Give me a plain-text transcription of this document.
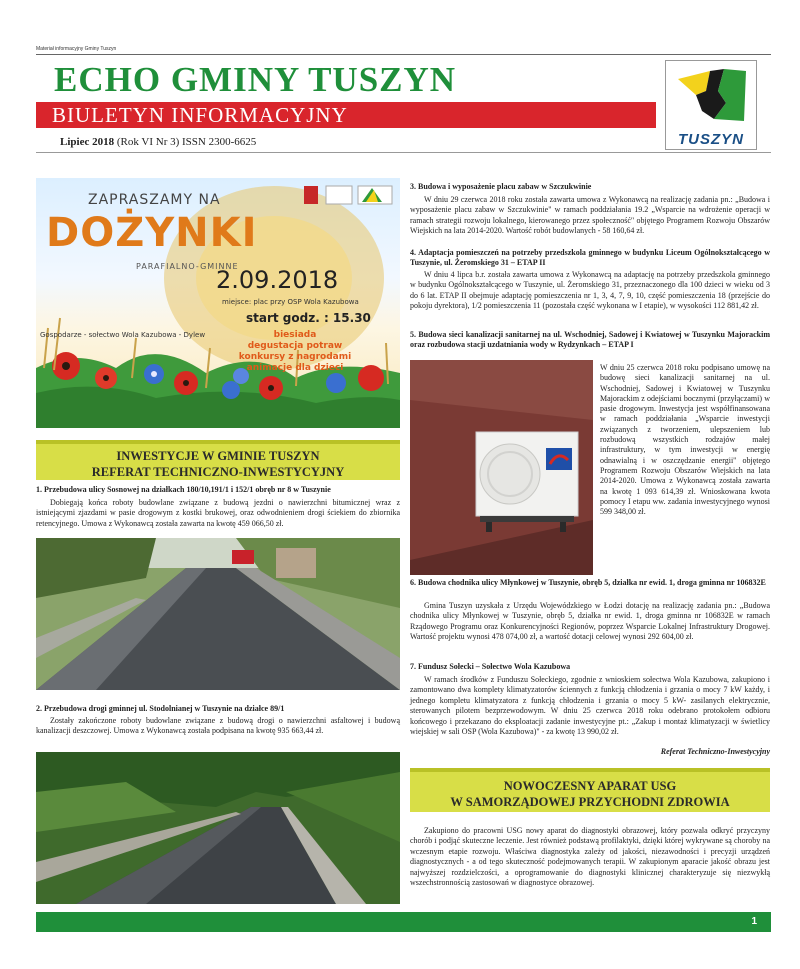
Materiał informacyjny Gminy Tuszyn
ECHO GMINY TUSZYN
BIULETYN INFORMACYJNY
Lipiec 2018 (Rok VI Nr 3) ISSN 2300-6625	TUSZYN
ZAPRASZAMY NA
DOŻYNKI
PARAFIALNO-GMINNE
2.09.2018
miejsce: plac przy OSP Wola Kazubowa
start godz. : 15.30
Gospodarze - sołectwo Wola Kazubowa - Dylew	biesiada
degustacja potraw
konkursy z nagrodami
animacje dla dzieci
INWESTYCJE W GMINIE TUSZYN
REFERAT TECHNICZNO-INWESTYCYJNY
1. Przebudowa ulicy Sosnowej na działkach 180/10,191/1 i 152/1 obręb nr 8 w Tuszynie
Dobiegają końca roboty budowlane związane z budową jezdni o nawierzchni bitumicznej wraz z istniejącymi zjazdami w pasie drogowym z kostki brukowej, oraz odwodnieniem drogi ściekiem do zbiornika retencyjnego. Umowa z Wykonawcą została zawarta na kwotę 459 066,50 zł.
2. Przebudowa drogi gminnej ul. Stodolnianej w Tuszynie na działce 89/1
Zostały zakończone roboty budowlane związane z budową drogi o nawierzchni asfaltowej i budową kanalizacji deszczowej. Umowa z Wykonawcą została podpisana na kwotę 935 663,44 zł.
3. Budowa i wyposażenie placu zabaw w Szczukwinie
W dniu 29 czerwca 2018 roku została zawarta umowa z Wykonawcą na realizację zadania pn.: „Budowa i wyposażenie placu zabaw w Szczukwinie" w ramach poddziałania 19.2 „Wsparcie na wdrożenie operacji w ramach strategii rozwoju lokalnego, kierowanego przez społeczność" objętego Programem Rozwoju Obszarów Wiejskich na lata 2014-2020. Wartość robót budowlanych - 58 160,64 zł.
4. Adaptacja pomieszczeń na potrzeby przedszkola gminnego w budynku Liceum Ogólnokształcącego w Tuszynie, ul. Żeromskiego 31 – ETAP II
W dniu 4 lipca b.r. została zawarta umowa z Wykonawcą na adaptację na potrzeby przedszkola gminnego w budynku Ogólnokształcącego w Tuszynie, ul. Żeromskiego 31, przeznaczonego dla 100 dzieci w wieku od 3 do 6 lat. ETAP II obejmuje adaptację pomieszczenia nr 1, 3, 4, 7, 9, 10, część pomieszczenia 18 (przejście do pokoju dyrektora), 1/2 pomieszczenia 11 (pozostała część wykonana w I etapie), w wysokości 112 881,42 zł.
5. Budowa sieci kanalizacji sanitarnej na ul. Wschodniej, Sadowej i Kwiatowej w Tuszynku Majorackim oraz rozbudowa stacji uzdatniania wody w Rydzynkach – ETAP I
W dniu 25 czerwca 2018 roku podpisano umowę na budowę sieci kanalizacji sanitarnej na ul. Wschodniej, Sadowej i Kwiatowej w Tuszynku Majorackim z odejściami bocznymi (przyłączami) w pasie drogowym. Inwestycja jest współfinansowana w ramach poddziałania „Wsparcie inwestycji związanych z tworzeniem, ulepszeniem lub rozbudową wszystkich rodzajów małej infrastruktury, w tym inwestycji w energię odnawialną i w oszczędzanie energii" objętego Programem Rozwoju Obszarów Wiejskich na lata 2014-2020. Umowa z Wykonawcą została zawarta na kwotę 1 093 614,39 zł. Wnioskowana kwota pomocy I etapu ww. zadania inwestycyjnego wynosi 599 348,00 zł.
6. Budowa chodnika ulicy Młynkowej w Tuszynie, obręb 5, działka nr ewid. 1, droga gminna nr 106832E
Gmina Tuszyn uzyskała z Urzędu Wojewódzkiego w Łodzi dotację na realizację zadania pn.: „Budowa chodnika ulicy Młynkowej w Tuszynie, obręb 5, działka nr ewid. 1, droga gminna nr 106832E w ramach Rządowego Programu oraz Konkurencyjności Regionów, poprzez Wsparcie Lokalnej Infrastruktury Drogowej. Wartość projektu wynosi 478 074,00 zł, a wartość dotacji celowej wynosi 292 604,00 zł.
7. Fundusz Sołecki – Sołectwo Wola Kazubowa
W ramach środków z Funduszu Sołeckiego, zgodnie z wnioskiem sołectwa Wola Kazubowa, zakupiono i zamontowano dwa komplety klimatyzatorów ściennych z funkcją chłodzenia i grzania o mocy 7 kW każdy, i jednego kompletu klimatyzatora z funkcją chłodzenia i grzania o mocy 5 kW- zasilanych elektrycznie, sterowanych pilotem bezprzewodowym. W dniu 25 czerwca 2018 roku odebrano protokołem odbioru końcowego i przekazano do eksploatacji zadanie inwestycyjne pt.: „Zakup i montaż klimatyzacji w świetlicy wiejskiej w sali OSP (Wola Kazubowa)" - za kwotę 13 990,02 zł.
Referat Techniczno-Inwestycyjny
NOWOCZESNY APARAT USG
W SAMORZĄDOWEJ PRZYCHODNI ZDROWIA
Zakupiono do pracowni USG nowy aparat do diagnostyki obrazowej, który pozwala odkryć przyczyny chorób i podjąć skuteczne leczenie. Jest również podstawą profilaktyki, dzięki której wykrywane są choroby na wczesnym etapie rozwoju. Właściwa diagnostyka zależy od jakości, niezawodności i precyzji urządzeń diagnostycznych - a od tego skuteczność podejmowanych terapii. W zakupionym aparacie jakość obrazu jest najwyższej rozdzielczości, a oprogramowanie do diagnostyki klinicznej charakteryzuje się niezwykłą wszechstronnością zastosowań w diagnostyce obrazowej.
1
